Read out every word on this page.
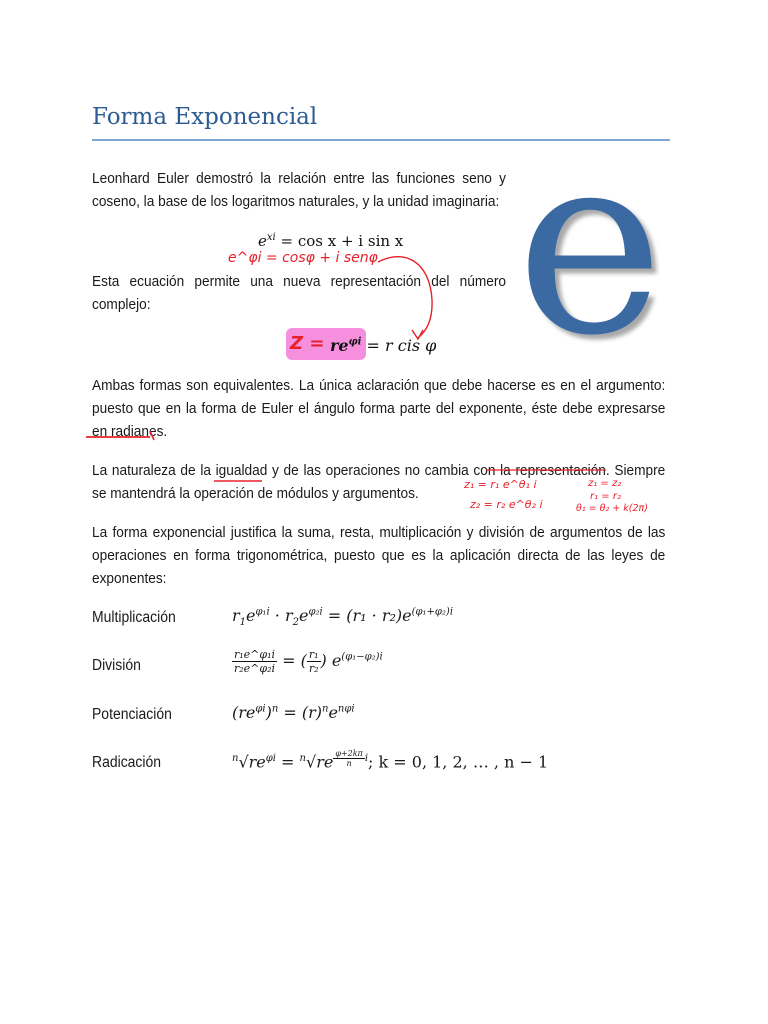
Forma Exponencial e
Leonhard Euler demostró la relación entre las funciones seno y coseno, la base de los logaritmos naturales, y la unidad imaginaria:
$e^{xi} = \cos x + i$ sin x
Esta ecuación permite una nueva representación del número complejo:
$re^{\varphi i} = r$ cis φ
Ambas formas son equivalentes. La única aclaración que debe hacerse es en el argumento: puesto que en la forma de Euler el ángulo forma parte del exponente, éste debe expresarse en radianes.
La naturaleza de la igualdad y de las operaciones no cambia con la representación. Siempre se mantendrá la operación de módulos y argumentos.
La forma exponencial justifica la suma, resta, multiplicación y división de argumentos de las operaciones en forma trigonométrica, puesto que es la aplicación directa de las leyes de exponentes:
Multiplicación	$r_1e^{\varphi_1i} \cdot r_2e^{\varphi_2i} = (r_1 \cdot r_2)e^{(\varphi_1+\varphi_2)i}$
División	$\frac{\text{r₁e\textasciicircum{}φ₁i}}{\text{r₂e\textasciicircum{}φ₂i}}$ = ( $\frac{\text{r₁}}{\text{r₂}}$ ) $e^{(\varphi_1-\varphi_2)i}$
Potenciación	$(re^{\varphi i})^n = (r)^ne^{n\varphi i}$
Radicación	$^n√re^{\varphi i} = ^n√re$ $^{\frac{\varphi+2k\pi}{n} i}$; k = 0, 1, 2, … , n − 1
e^φi = cosφ + i senφ
Z =
z₁ = r₁ e^θ₁ i
z₂ = r₂ e^θ₂ i
z₁ = z₂
r₁ = r₂
θ₁ = θ₂ + k(2π)
